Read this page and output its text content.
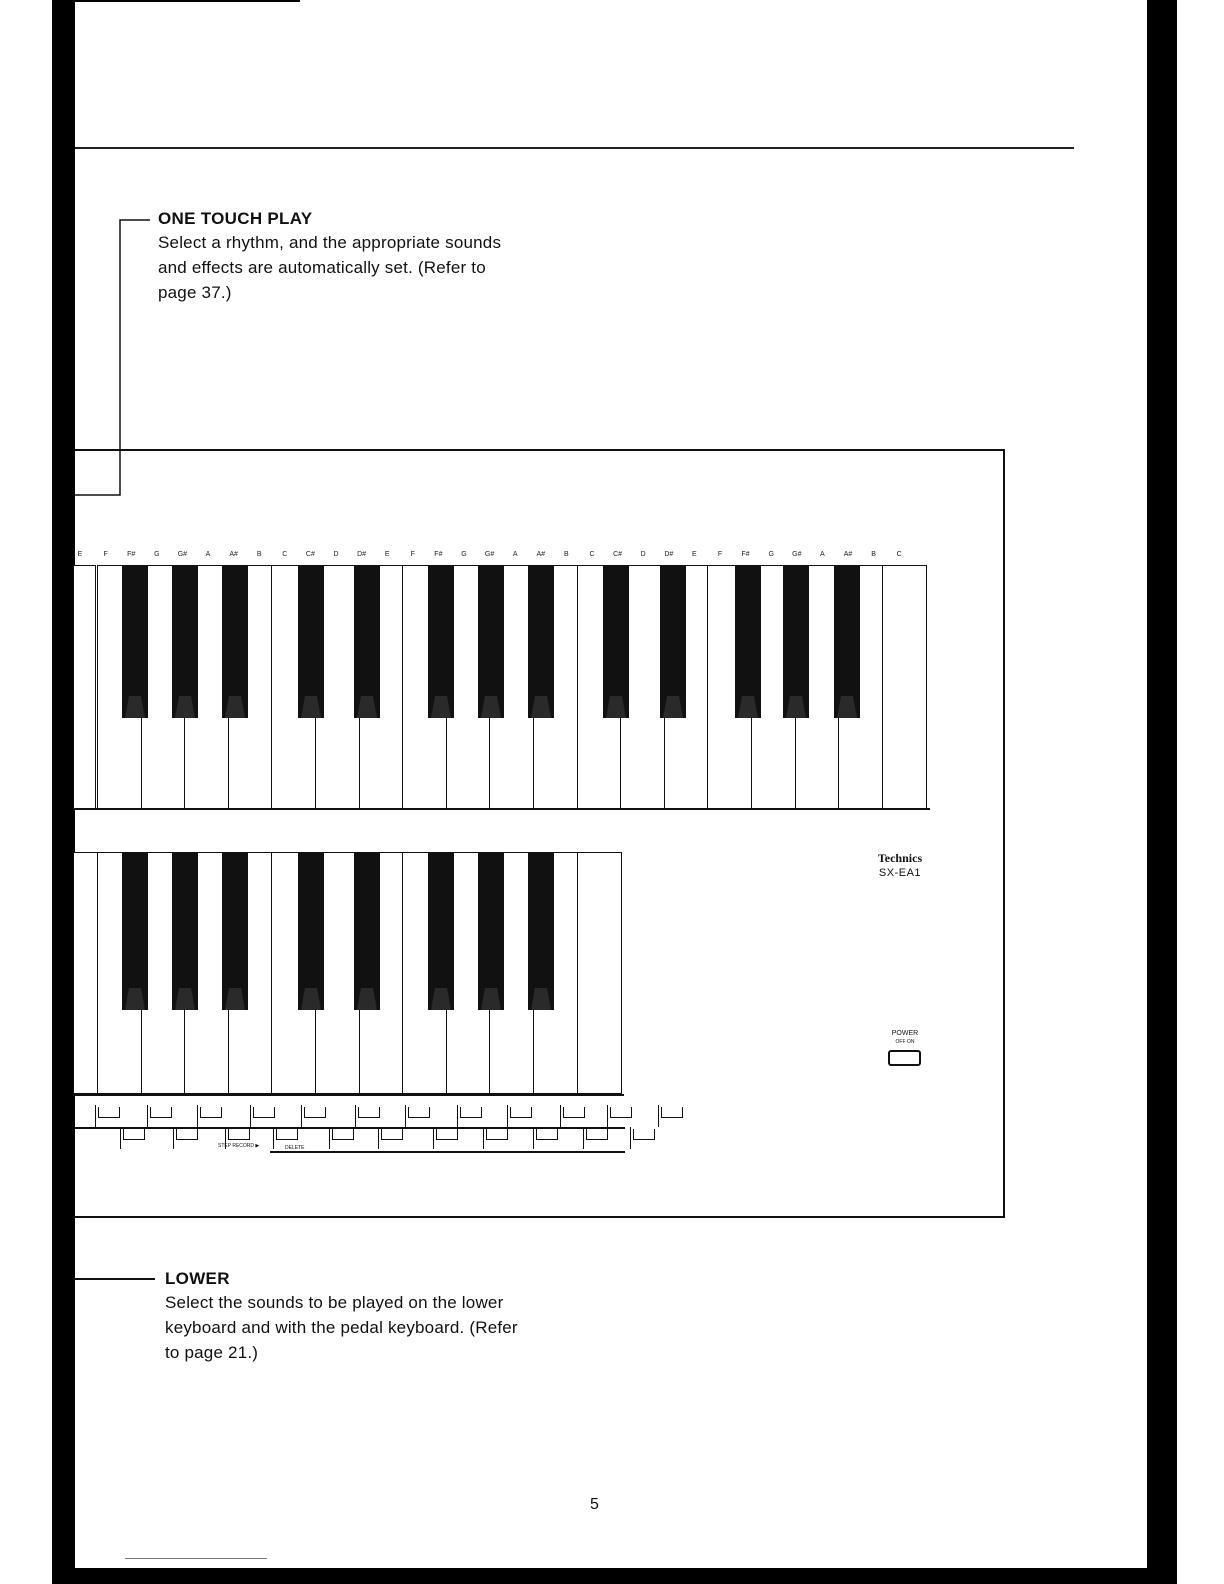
ONE TOUCH PLAY
Select a rhythm, and the appropriate sounds
and effects are automatically set. (Refer to
page 37.)
E	F	F#	G	G#	A	A#	B	C	C#	D	D#	E	F	F#	G	G#	A	A#	B	C	C#	D	D#	E	F	F#	G	G#	A	A#	B	C
STEP RECORD ▶	DELETE
Technics
SX-EA1
POWER
OFF ON
LOWER
Select the sounds to be played on the lower
keyboard and with the pedal keyboard. (Refer
to page 21.)
5
